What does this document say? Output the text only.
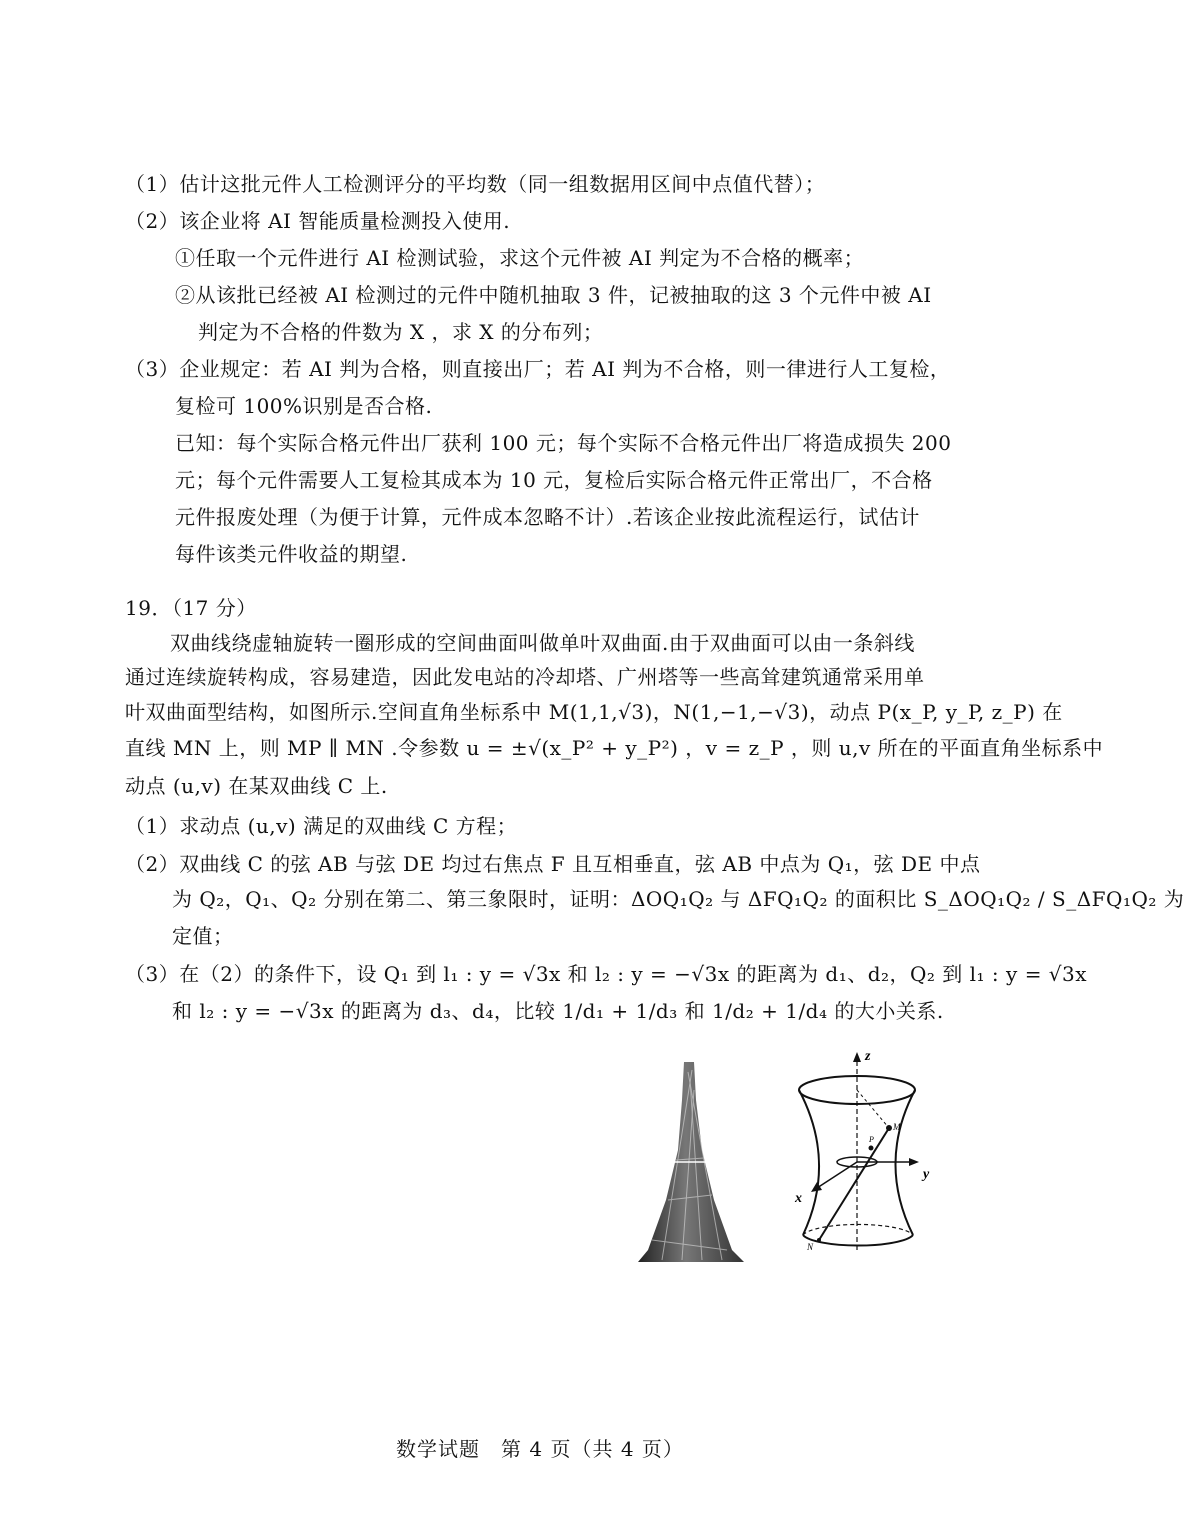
（1）估计这批元件人工检测评分的平均数（同一组数据用区间中点值代替）；
（2）该企业将 AI 智能质量检测投入使用.
①任取一个元件进行 AI 检测试验，求这个元件被 AI 判定为不合格的概率；
②从该批已经被 AI 检测过的元件中随机抽取 3 件，记被抽取的这 3 个元件中被 AI
判定为不合格的件数为 X ，求 X 的分布列；
（3）企业规定：若 AI 判为合格，则直接出厂；若 AI 判为不合格，则一律进行人工复检，
复检可 100%识别是否合格.
已知：每个实际合格元件出厂获利 100 元；每个实际不合格元件出厂将造成损失 200
元；每个元件需要人工复检其成本为 10 元，复检后实际合格元件正常出厂，不合格
元件报废处理（为便于计算，元件成本忽略不计）.若该企业按此流程运行，试估计
每件该类元件收益的期望.
19．（17 分）
双曲线绕虚轴旋转一圈形成的空间曲面叫做单叶双曲面.由于双曲面可以由一条斜线
通过连续旋转构成，容易建造，因此发电站的冷却塔、广州塔等一些高耸建筑通常采用单
叶双曲面型结构，如图所示.空间直角坐标系中 M(1,1,√3)，N(1,−1,−√3)，动点 P(x_P, y_P, z_P) 在
直线 MN 上，则 MP ∥ MN .令参数 u = ±√(x_P² + y_P²) ，v = z_P ，则 u,v 所在的平面直角坐标系中
动点 (u,v) 在某双曲线 C 上.
（1）求动点 (u,v) 满足的双曲线 C 方程；
（2）双曲线 C 的弦 AB 与弦 DE 均过右焦点 F 且互相垂直，弦 AB 中点为 Q₁，弦 DE 中点
为 Q₂，Q₁、Q₂ 分别在第二、第三象限时，证明：ΔOQ₁Q₂ 与 ΔFQ₁Q₂ 的面积比 S_ΔOQ₁Q₂ / S_ΔFQ₁Q₂ 为
定值；
（3）在（2）的条件下，设 Q₁ 到 l₁ : y = √3x 和 l₂ : y = −√3x 的距离为 d₁、d₂，Q₂ 到 l₁ : y = √3x
和 l₂ : y = −√3x 的距离为 d₃、d₄，比较 1/d₁ + 1/d₃ 和 1/d₂ + 1/d₄ 的大小关系.
z
y
x
M
P
N
数学试题　第 4 页（共 4 页）
